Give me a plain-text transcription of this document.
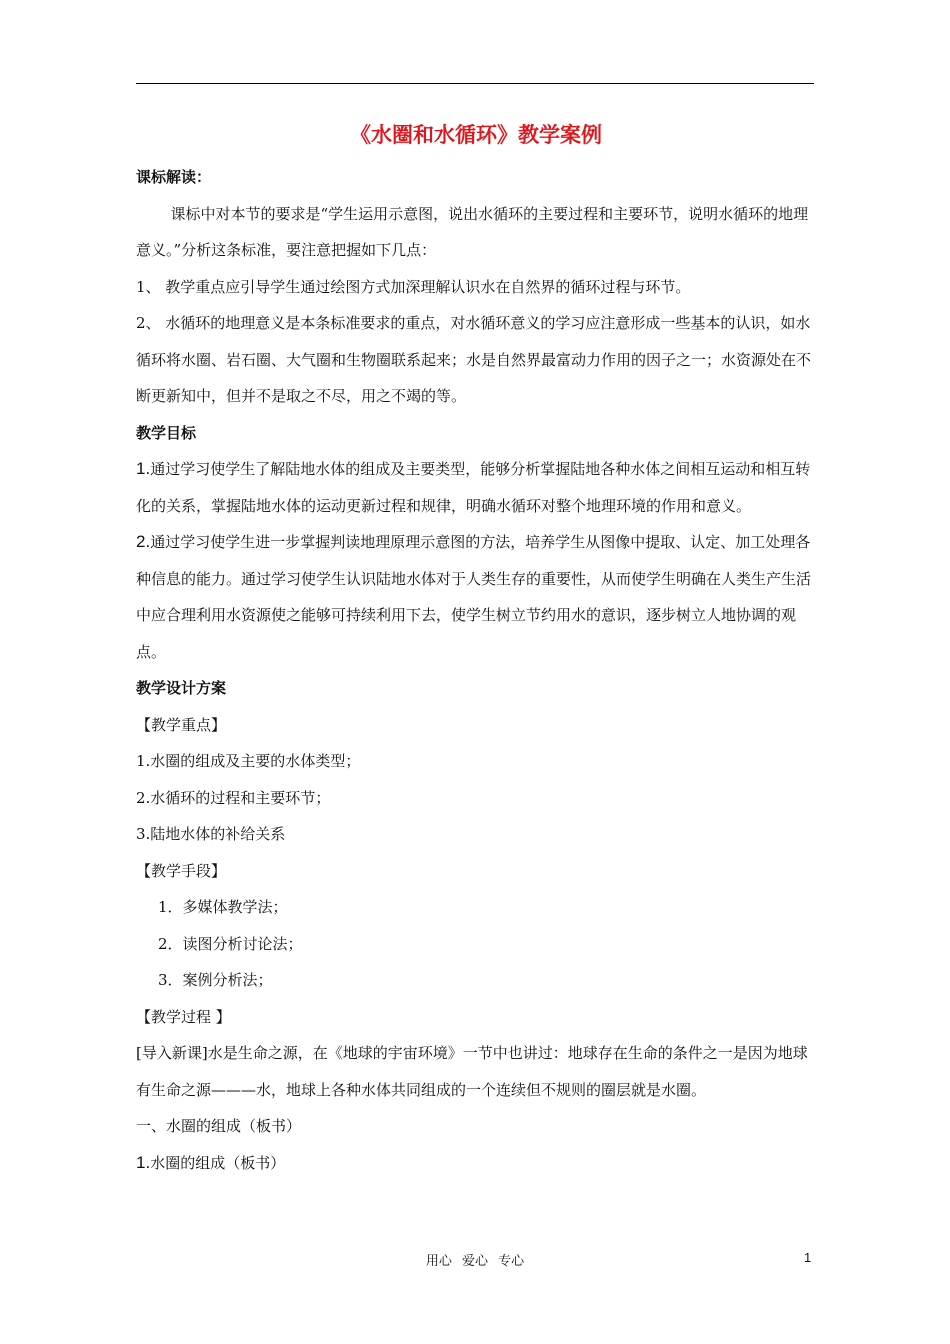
《水圈和水循环》教学案例

课标解读：

课标中对本节的要求是“学生运用示意图，说出水循环的主要过程和主要环节，说明水循环的地理意义。”分析这条标准，要注意把握如下几点：

1、 教学重点应引导学生通过绘图方式加深理解认识水在自然界的循环过程与环节。

2、 水循环的地理意义是本条标准要求的重点，对水循环意义的学习应注意形成一些基本的认识，如水循环将水圈、岩石圈、大气圈和生物圈联系起来；水是自然界最富动力作用的因子之一；水资源处在不断更新知中，但并不是取之不尽，用之不竭的等。

教学目标

1.通过学习使学生了解陆地水体的组成及主要类型，能够分析掌握陆地各种水体之间相互运动和相互转化的关系，掌握陆地水体的运动更新过程和规律，明确水循环对整个地理环境的作用和意义。

2.通过学习使学生进一步掌握判读地理原理示意图的方法，培养学生从图像中提取、认定、加工处理各种信息的能力。通过学习使学生认识陆地水体对于人类生存的重要性，从而使学生明确在人类生产生活中应合理利用水资源使之能够可持续利用下去，使学生树立节约用水的意识，逐步树立人地协调的观点。

教学设计方案

【教学重点】

1.水圈的组成及主要的水体类型；

2.水循环的过程和主要环节；

3.陆地水体的补给关系

【教学手段】

1．多媒体教学法；

2．读图分析讨论法；

3．案例分析法；

【教学过程 】

[导入新课]水是生命之源，在《地球的宇宙环境》一节中也讲过：地球存在生命的条件之一是因为地球有生命之源———水，地球上各种水体共同组成的一个连续但不规则的圈层就是水圈。

一、水圈的组成（板书）

1.水圈的组成（板书）

用心 爱心 专心	1
